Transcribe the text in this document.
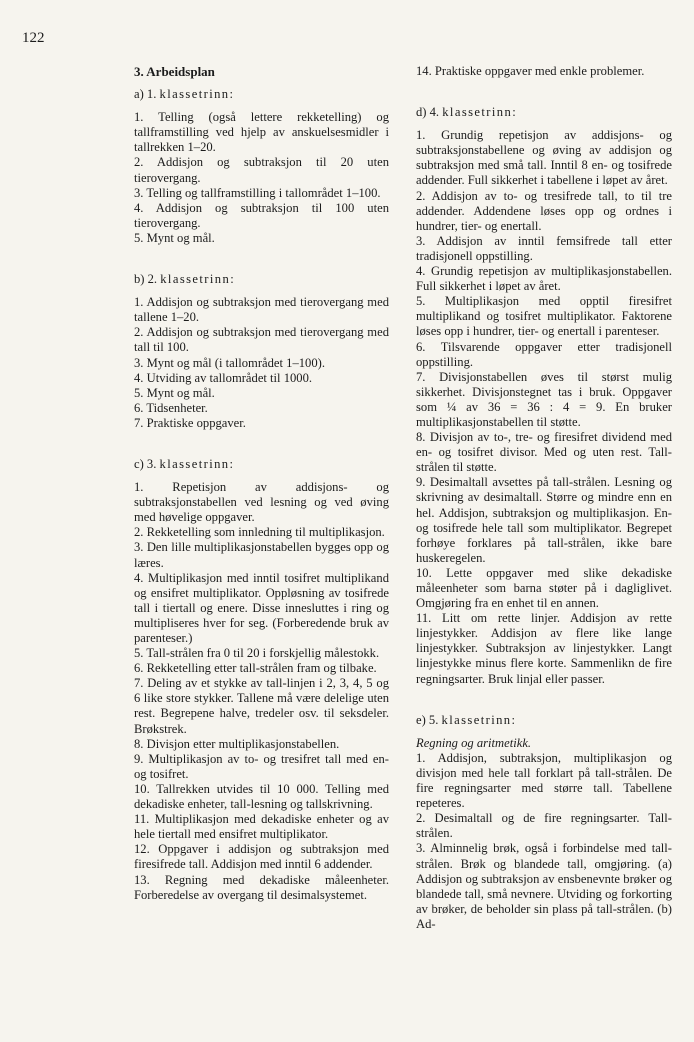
122
3. Arbeidsplan

a) 1. klassetrinn:

1. Telling (også lettere rekketelling) og tallframstilling ved hjelp av anskuelsesmidler i tallrekken 1–20.
2. Addisjon og subtraksjon til 20 uten tierovergang.
3. Telling og tallframstilling i tallområdet 1–100.
4. Addisjon og subtraksjon til 100 uten tierovergang.
5. Mynt og mål.

b) 2. klassetrinn:

1. Addisjon og subtraksjon med tierovergang med tallene 1–20.
2. Addisjon og subtraksjon med tierovergang med tall til 100.
3. Mynt og mål (i tallområdet 1–100).
4. Utviding av tallområdet til 1000.
5. Mynt og mål.
6. Tidsenheter.
7. Praktiske oppgaver.

c) 3. klassetrinn:

1. Repetisjon av addisjons- og subtraksjonstabellen ved lesning og ved øving med høvelige oppgaver.
2. Rekketelling som innledning til multiplikasjon.
3. Den lille multiplikasjonstabellen bygges opp og læres.
4. Multiplikasjon med inntil tosifret multiplikand og ensifret multiplikator. Oppløsning av tosifrede tall i tiertall og enere. Disse innesluttes i ring og multipliseres hver for seg. (Forberedende bruk av parenteser.)
5. Tall-strålen fra 0 til 20 i forskjellig målestokk.
6. Rekketelling etter tall-strålen fram og tilbake.
7. Deling av et stykke av tall-linjen i 2, 3, 4, 5 og 6 like store stykker. Tallene må være delelige uten rest. Begrepene halve, tredeler osv. til seksdeler. Brøkstrek.
8. Divisjon etter multiplikasjonstabellen.
9. Multiplikasjon av to- og tresifret tall med en- og tosifret.
10. Tallrekken utvides til 10 000. Telling med dekadiske enheter, tall-lesning og tallskrivning.
11. Multiplikasjon med dekadiske enheter og av hele tiertall med ensifret multiplikator.
12. Oppgaver i addisjon og subtraksjon med firesifrede tall. Addisjon med inntil 6 addender.
13. Regning med dekadiske måleenheter. Forberedelse av overgang til desimalsystemet.
14. Praktiske oppgaver med enkle problemer.

d) 4. klassetrinn:

1. Grundig repetisjon av addisjons- og subtraksjonstabellene og øving av addisjon og subtraksjon med små tall. Inntil 8 en- og tosifrede addender. Full sikkerhet i tabellene i løpet av året.
2. Addisjon av to- og tresifrede tall, to til tre addender. Addendene løses opp og ordnes i hundrer, tier- og enertall.
3. Addisjon av inntil femsifrede tall etter tradisjonell oppstilling.
4. Grundig repetisjon av multiplikasjonstabellen. Full sikkerhet i løpet av året.
5. Multiplikasjon med opptil firesifret multiplikand og tosifret multiplikator. Faktorene løses opp i hundrer, tier- og enertall i parenteser.
6. Tilsvarende oppgaver etter tradisjonell oppstilling.
7. Divisjonstabellen øves til størst mulig sikkerhet. Divisjonstegnet tas i bruk. Oppgaver som ¼ av 36 = 36 : 4 = 9. En bruker multiplikasjonstabellen til støtte.
8. Divisjon av to-, tre- og firesifret dividend med en- og tosifret divisor. Med og uten rest. Tall-strålen til støtte.
9. Desimaltall avsettes på tall-strålen. Lesning og skrivning av desimaltall. Større og mindre enn en hel. Addisjon, subtraksjon og multiplikasjon. En- og tosifrede hele tall som multiplikator. Begrepet forhøye forklares på tall-strålen, ikke bare huskeregelen.
10. Lette oppgaver med slike dekadiske måleenheter som barna støter på i dagliglivet. Omgjøring fra en enhet til en annen.
11. Litt om rette linjer. Addisjon av rette linjestykker. Addisjon av flere like lange linjestykker. Subtraksjon av linjestykker. Langt linjestykke minus flere korte. Sammenlikn de fire regningsarter. Bruk linjal eller passer.

e) 5. klassetrinn:

Regning og aritmetikk.

1. Addisjon, subtraksjon, multiplikasjon og divisjon med hele tall forklart på tall-strålen. De fire regningsarter med større tall. Tabellene repeteres.
2. Desimaltall og de fire regningsarter. Tall-strålen.
3. Alminnelig brøk, også i forbindelse med tall-strålen. Brøk og blandede tall, omgjøring. (a) Addisjon og subtraksjon av ensbenevnte brøker og blandede tall, små nevnere. Utviding og forkorting av brøker, de beholder sin plass på tall-strålen. (b) Ad-
